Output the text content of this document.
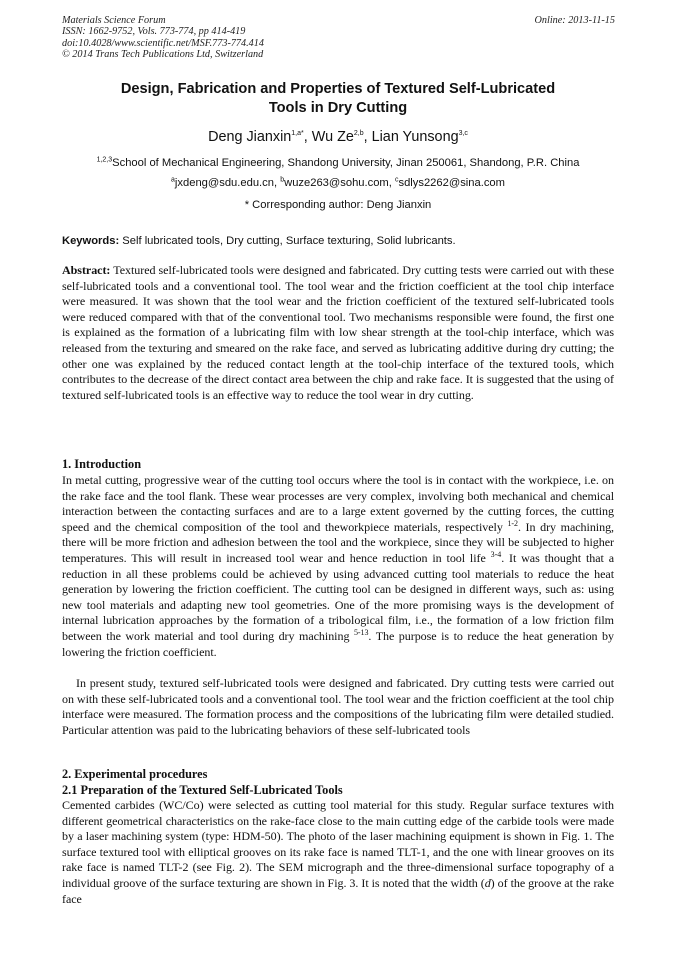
Materials Science Forum
ISSN: 1662-9752, Vols. 773-774, pp 414-419
doi:10.4028/www.scientific.net/MSF.773-774.414
© 2014 Trans Tech Publications Ltd, Switzerland
Online: 2013-11-15
Design, Fabrication and Properties of Textured Self-Lubricated
Tools in Dry Cutting
Deng Jianxin$^{1,a*}$, Wu Ze$^{2,b}$, Lian Yunsong$^{3,c}$
$^{1,2,3}$School of Mechanical Engineering, Shandong University, Jinan 250061, Shandong, P.R. China
$^a$jxdeng@sdu.edu.cn, $^b$wuze263@sohu.com, $^c$sdlys2262@sina.com
* Corresponding author: Deng Jianxin
Keywords: Self lubricated tools, Dry cutting, Surface texturing, Solid lubricants.
Abstract: Textured self-lubricated tools were designed and fabricated. Dry cutting tests were carried out with these self-lubricated tools and a conventional tool. The tool wear and the friction coefficient at the tool chip interface were measured. It was shown that the tool wear and the friction coefficient of the textured self-lubricated tools were reduced compared with that of the conventional tool. Two mechanisms responsible were found, the first one is explained as the formation of a lubricating film with low shear strength at the tool-chip interface, which was released from the texturing and smeared on the rake face, and served as lubricating additive during dry cutting; the other one was explained by the reduced contact length at the tool-chip interface of the textured tools, which contributes to the decrease of the direct contact area between the chip and rake face. It is suggested that the using of textured self-lubricated tools is an effective way to reduce the tool wear in dry cutting.
1. Introduction
In metal cutting, progressive wear of the cutting tool occurs where the tool is in contact with the workpiece, i.e. on the rake face and the tool flank. These wear processes are very complex, involving both mechanical and chemical interaction between the contacting surfaces and are to a large extent governed by the cutting forces, the cutting speed and the chemical composition of the tool and theworkpiece materials, respectively $^{1-2}$. In dry machining, there will be more friction and adhesion between the tool and the workpiece, since they will be subjected to higher temperatures. This will result in increased tool wear and hence reduction in tool life $^{3-4}$. It was thought that a reduction in all these problems could be achieved by using advanced cutting tool materials to reduce the heat generation by lowering the friction coefficient. The cutting tool can be designed in different ways, such as: using new tool materials and adapting new tool geometries. One of the more promising ways is the development of internal lubrication approaches by the formation of a tribological film, i.e., the formation of a low friction film between the work material and tool during dry machining $^{5-13}$. The purpose is to reduce the heat generation by lowering the friction coefficient.
In present study, textured self-lubricated tools were designed and fabricated. Dry cutting tests were carried out on with these self-lubricated tools and a conventional tool. The tool wear and the friction coefficient at the tool chip interface were measured. The formation process and the compositions of the lubricating film were detailed studied. Particular attention was paid to the lubricating behaviors of these self-lubricated tools
2. Experimental procedures
2.1 Preparation of the Textured Self-Lubricated Tools
Cemented carbides (WC/Co) were selected as cutting tool material for this study. Regular surface textures with different geometrical characteristics on the rake-face close to the main cutting edge of the carbide tools were made by a laser machining system (type: HDM-50). The photo of the laser machining equipment is shown in Fig. 1. The surface textured tool with elliptical grooves on its rake face is named TLT-1, and the one with linear grooves on its rake face is named TLT-2 (see Fig. 2). The SEM micrograph and the three-dimensional surface topography of a individual groove of the surface texturing are shown in Fig. 3. It is noted that the width (d) of the groove at the rake face
